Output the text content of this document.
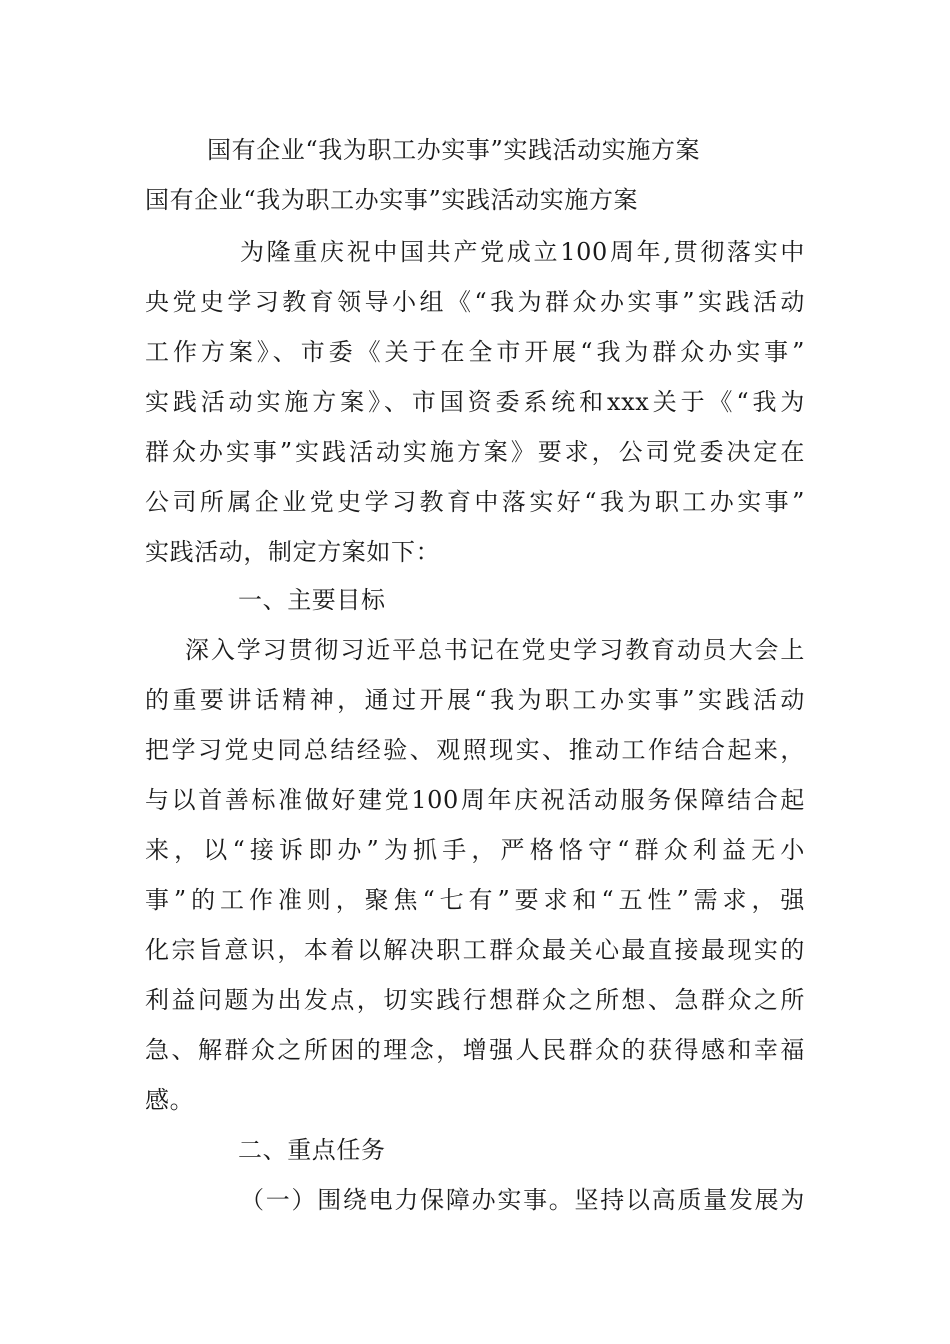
国有企业“我为职工办实事”实践活动实施方案
国有企业“我为职工办实事”实践活动实施方案
为隆重庆祝中国共产党成立100周年,贯彻落实中
央党史学习教育领导小组《“我为群众办实事”实践活动
工作方案》、市委《关于在全市开展“我为群众办实事”
实践活动实施方案》、市国资委系统和xxx关于《“我为
群众办实事”实践活动实施方案》要求，公司党委决定在
公司所属企业党史学习教育中落实好“我为职工办实事”
实践活动，制定方案如下：
一、主要目标
深入学习贯彻习近平总书记在党史学习教育动员大会上
的重要讲话精神，通过开展“我为职工办实事”实践活动
把学习党史同总结经验、观照现实、推动工作结合起来，
与以首善标准做好建党100周年庆祝活动服务保障结合起
来，以“接诉即办”为抓手，严格恪守“群众利益无小
事”的工作准则，聚焦“七有”要求和“五性”需求，强
化宗旨意识，本着以解决职工群众最关心最直接最现实的
利益问题为出发点，切实践行想群众之所想、急群众之所
急、解群众之所困的理念，增强人民群众的获得感和幸福
感。
二、重点任务
（一）围绕电力保障办实事。坚持以高质量发展为
